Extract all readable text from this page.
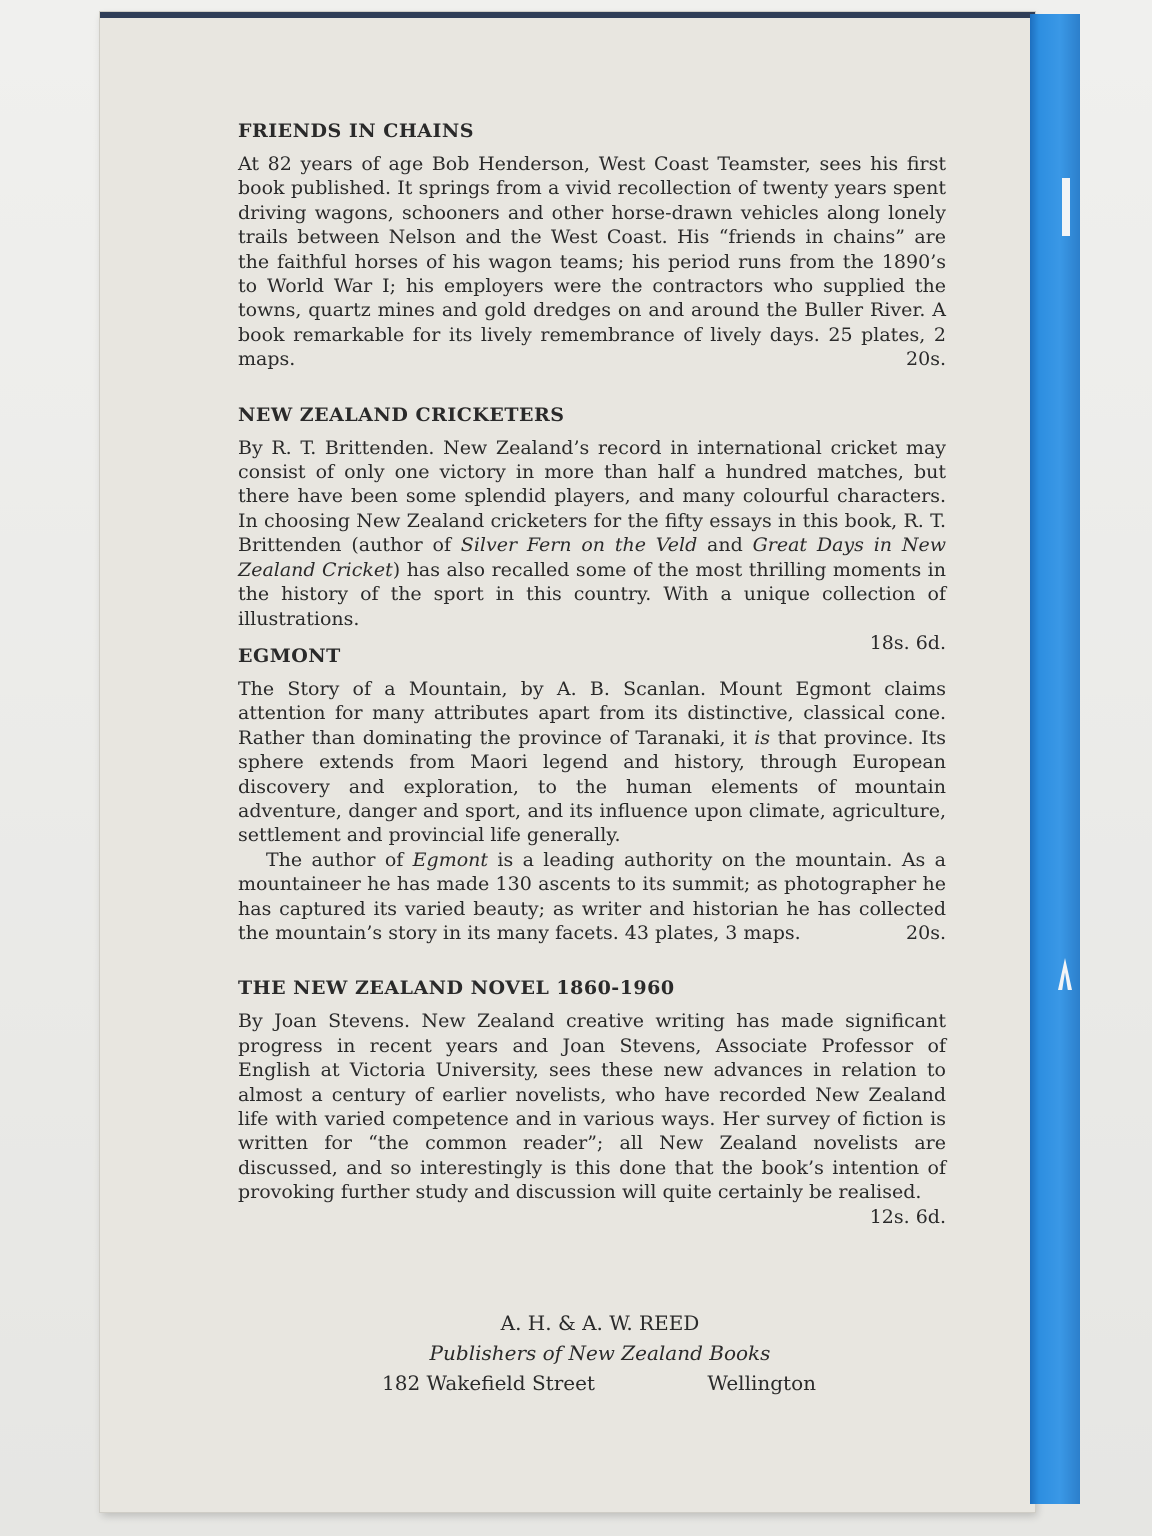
FRIENDS IN CHAINS

At 82 years of age Bob Henderson, West Coast Teamster, sees his first book published. It springs from a vivid recollection of twenty years spent driving wagons, schooners and other horse-drawn vehicles along lonely trails between Nelson and the West Coast. His “friends in chains” are the faithful horses of his wagon teams; his period runs from the 1890’s to World War I; his employers were the contractors who supplied the towns, quartz mines and gold dredges on and around the Buller River. A book remarkable for its lively remembrance of lively days. 25 plates, 2 maps.	20s.

NEW ZEALAND CRICKETERS

By R. T. Brittenden. New Zealand’s record in international cricket may consist of only one victory in more than half a hundred matches, but there have been some splendid players, and many colourful characters. In choosing New Zealand cricketers for the fifty essays in this book, R. T. Brittenden (author of Silver Fern on the Veld and Great Days in New Zealand Cricket) has also recalled some of the most thrilling moments in the history of the sport in this country. With a unique collection of illustrations.

18s. 6d.

EGMONT

The Story of a Mountain, by A. B. Scanlan. Mount Egmont claims attention for many attributes apart from its distinctive, classical cone. Rather than dominating the province of Taranaki, it is that province. Its sphere extends from Maori legend and history, through European discovery and exploration, to the human elements of mountain adventure, danger and sport, and its influence upon climate, agriculture, settlement and provincial life generally.

The author of Egmont is a leading authority on the mountain. As a mountaineer he has made 130 ascents to its summit; as photographer he has captured its varied beauty; as writer and historian he has collected the mountain’s story in its many facets. 43 plates, 3 maps.	20s.

THE NEW ZEALAND NOVEL 1860-1960

By Joan Stevens. New Zealand creative writing has made significant progress in recent years and Joan Stevens, Associate Professor of English at Victoria University, sees these new advances in relation to almost a century of earlier novelists, who have recorded New Zealand life with varied competence and in various ways. Her survey of fiction is written for “the common reader”; all New Zealand novelists are discussed, and so interestingly is this done that the book’s intention of provoking further study and discussion will quite certainly be realised.
12s. 6d.

A. H. & A. W. REED
Publishers of New Zealand Books
182 Wakefield Street	Wellington
